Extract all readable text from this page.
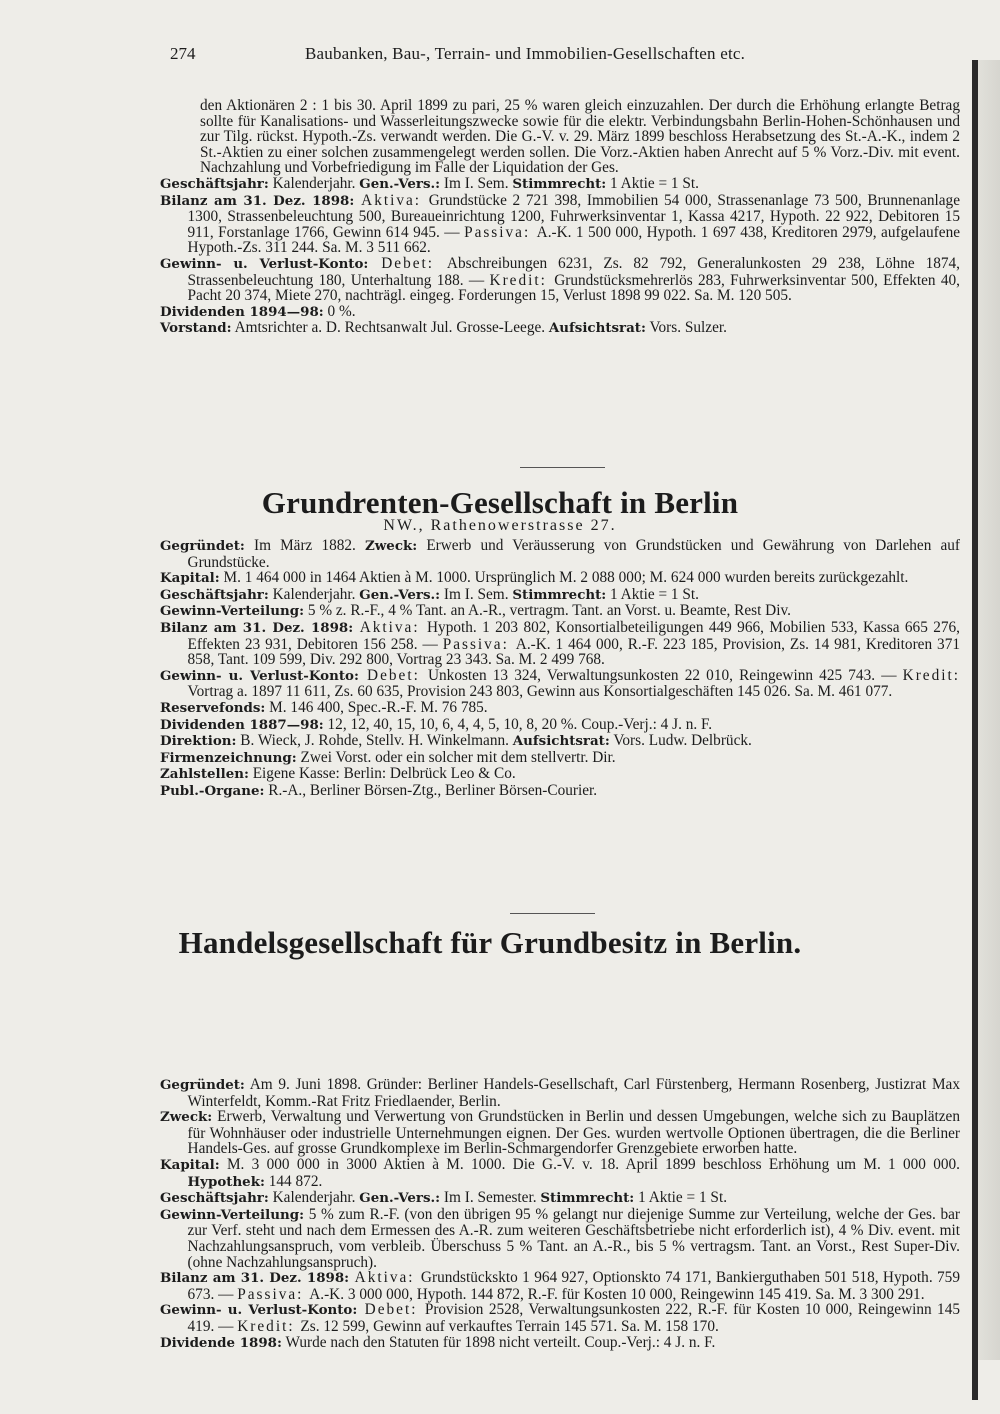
274	Baubanken, Bau-, Terrain- und Immobilien-Gesellschaften etc.
den Aktionären 2 : 1 bis 30. April 1899 zu pari, 25 % waren gleich einzuzahlen. Der durch die Erhöhung erlangte Betrag sollte für Kanalisations- und Wasserleitungszwecke sowie für die elektr. Verbindungsbahn Berlin-Hohen-Schönhausen und zur Tilg. rückst. Hypoth.-Zs. verwandt werden. Die G.-V. v. 29. März 1899 beschloss Herabsetzung des St.-A.-K., indem 2 St.-Aktien zu einer solchen zusammengelegt werden sollen. Die Vorz.-Aktien haben Anrecht auf 5 % Vorz.-Div. mit event. Nachzahlung und Vorbefriedigung im Falle der Liquidation der Ges.
Geschäftsjahr: Kalenderjahr. Gen.-Vers.: Im I. Sem. Stimmrecht: 1 Aktie = 1 St.
Bilanz am 31. Dez. 1898: Aktiva: Grundstücke 2 721 398, Immobilien 54 000, Strassenanlage 73 500, Brunnenanlage 1300, Strassenbeleuchtung 500, Bureaueinrichtung 1200, Fuhrwerksinventar 1, Kassa 4217, Hypoth. 22 922, Debitoren 15 911, Forstanlage 1766, Gewinn 614 945. — Passiva: A.-K. 1 500 000, Hypoth. 1 697 438, Kreditoren 2979, aufgelaufene Hypoth.-Zs. 311 244. Sa. M. 3 511 662.
Gewinn- u. Verlust-Konto: Debet: Abschreibungen 6231, Zs. 82 792, Generalunkosten 29 238, Löhne 1874, Strassenbeleuchtung 180, Unterhaltung 188. — Kredit: Grundstücksmehrerlös 283, Fuhrwerksinventar 500, Effekten 40, Pacht 20 374, Miete 270, nachträgl. eingeg. Forderungen 15, Verlust 1898 99 022. Sa. M. 120 505.
Dividenden 1894—98: 0 %.
Vorstand: Amtsrichter a. D. Rechtsanwalt Jul. Grosse-Leege. Aufsichtsrat: Vors. Sulzer.
Grundrenten-Gesellschaft in Berlin
NW., Rathenowerstrasse 27.
Gegründet: Im März 1882. Zweck: Erwerb und Veräusserung von Grundstücken und Gewährung von Darlehen auf Grundstücke.
Kapital: M. 1 464 000 in 1464 Aktien à M. 1000. Ursprünglich M. 2 088 000; M. 624 000 wurden bereits zurückgezahlt.
Geschäftsjahr: Kalenderjahr. Gen.-Vers.: Im I. Sem. Stimmrecht: 1 Aktie = 1 St.
Gewinn-Verteilung: 5 % z. R.-F., 4 % Tant. an A.-R., vertragm. Tant. an Vorst. u. Beamte, Rest Div.
Bilanz am 31. Dez. 1898: Aktiva: Hypoth. 1 203 802, Konsortialbeteiligungen 449 966, Mobilien 533, Kassa 665 276, Effekten 23 931, Debitoren 156 258. — Passiva: A.-K. 1 464 000, R.-F. 223 185, Provision, Zs. 14 981, Kreditoren 371 858, Tant. 109 599, Div. 292 800, Vortrag 23 343. Sa. M. 2 499 768.
Gewinn- u. Verlust-Konto: Debet: Unkosten 13 324, Verwaltungsunkosten 22 010, Reingewinn 425 743. — Kredit: Vortrag a. 1897 11 611, Zs. 60 635, Provision 243 803, Gewinn aus Konsortialgeschäften 145 026. Sa. M. 461 077.
Reservefonds: M. 146 400, Spec.-R.-F. M. 76 785.
Dividenden 1887—98: 12, 12, 40, 15, 10, 6, 4, 4, 5, 10, 8, 20 %. Coup.-Verj.: 4 J. n. F.
Direktion: B. Wieck, J. Rohde, Stellv. H. Winkelmann. Aufsichtsrat: Vors. Ludw. Delbrück.
Firmenzeichnung: Zwei Vorst. oder ein solcher mit dem stellvertr. Dir.
Zahlstellen: Eigene Kasse: Berlin: Delbrück Leo & Co.
Publ.-Organe: R.-A., Berliner Börsen-Ztg., Berliner Börsen-Courier.
Handelsgesellschaft für Grundbesitz in Berlin.
Gegründet: Am 9. Juni 1898. Gründer: Berliner Handels-Gesellschaft, Carl Fürstenberg, Hermann Rosenberg, Justizrat Max Winterfeldt, Komm.-Rat Fritz Friedlaender, Berlin.
Zweck: Erwerb, Verwaltung und Verwertung von Grundstücken in Berlin und dessen Umgebungen, welche sich zu Bauplätzen für Wohnhäuser oder industrielle Unternehmungen eignen. Der Ges. wurden wertvolle Optionen übertragen, die die Berliner Handels-Ges. auf grosse Grundkomplexe im Berlin-Schmargendorfer Grenzgebiete erworben hatte.
Kapital: M. 3 000 000 in 3000 Aktien à M. 1000. Die G.-V. v. 18. April 1899 beschloss Erhöhung um M. 1 000 000. Hypothek: 144 872.
Geschäftsjahr: Kalenderjahr. Gen.-Vers.: Im I. Semester. Stimmrecht: 1 Aktie = 1 St.
Gewinn-Verteilung: 5 % zum R.-F. (von den übrigen 95 % gelangt nur diejenige Summe zur Verteilung, welche der Ges. bar zur Verf. steht und nach dem Ermessen des A.-R. zum weiteren Geschäftsbetriebe nicht erforderlich ist), 4 % Div. event. mit Nachzahlungsanspruch, vom verbleib. Überschuss 5 % Tant. an A.-R., bis 5 % vertragsm. Tant. an Vorst., Rest Super-Div. (ohne Nachzahlungsanspruch).
Bilanz am 31. Dez. 1898: Aktiva: Grundstückskto 1 964 927, Optionskto 74 171, Bankierguthaben 501 518, Hypoth. 759 673. — Passiva: A.-K. 3 000 000, Hypoth. 144 872, R.-F. für Kosten 10 000, Reingewinn 145 419. Sa. M. 3 300 291.
Gewinn- u. Verlust-Konto: Debet: Provision 2528, Verwaltungsunkosten 222, R.-F. für Kosten 10 000, Reingewinn 145 419. — Kredit: Zs. 12 599, Gewinn auf verkauftes Terrain 145 571. Sa. M. 158 170.
Dividende 1898: Wurde nach den Statuten für 1898 nicht verteilt. Coup.-Verj.: 4 J. n. F.
